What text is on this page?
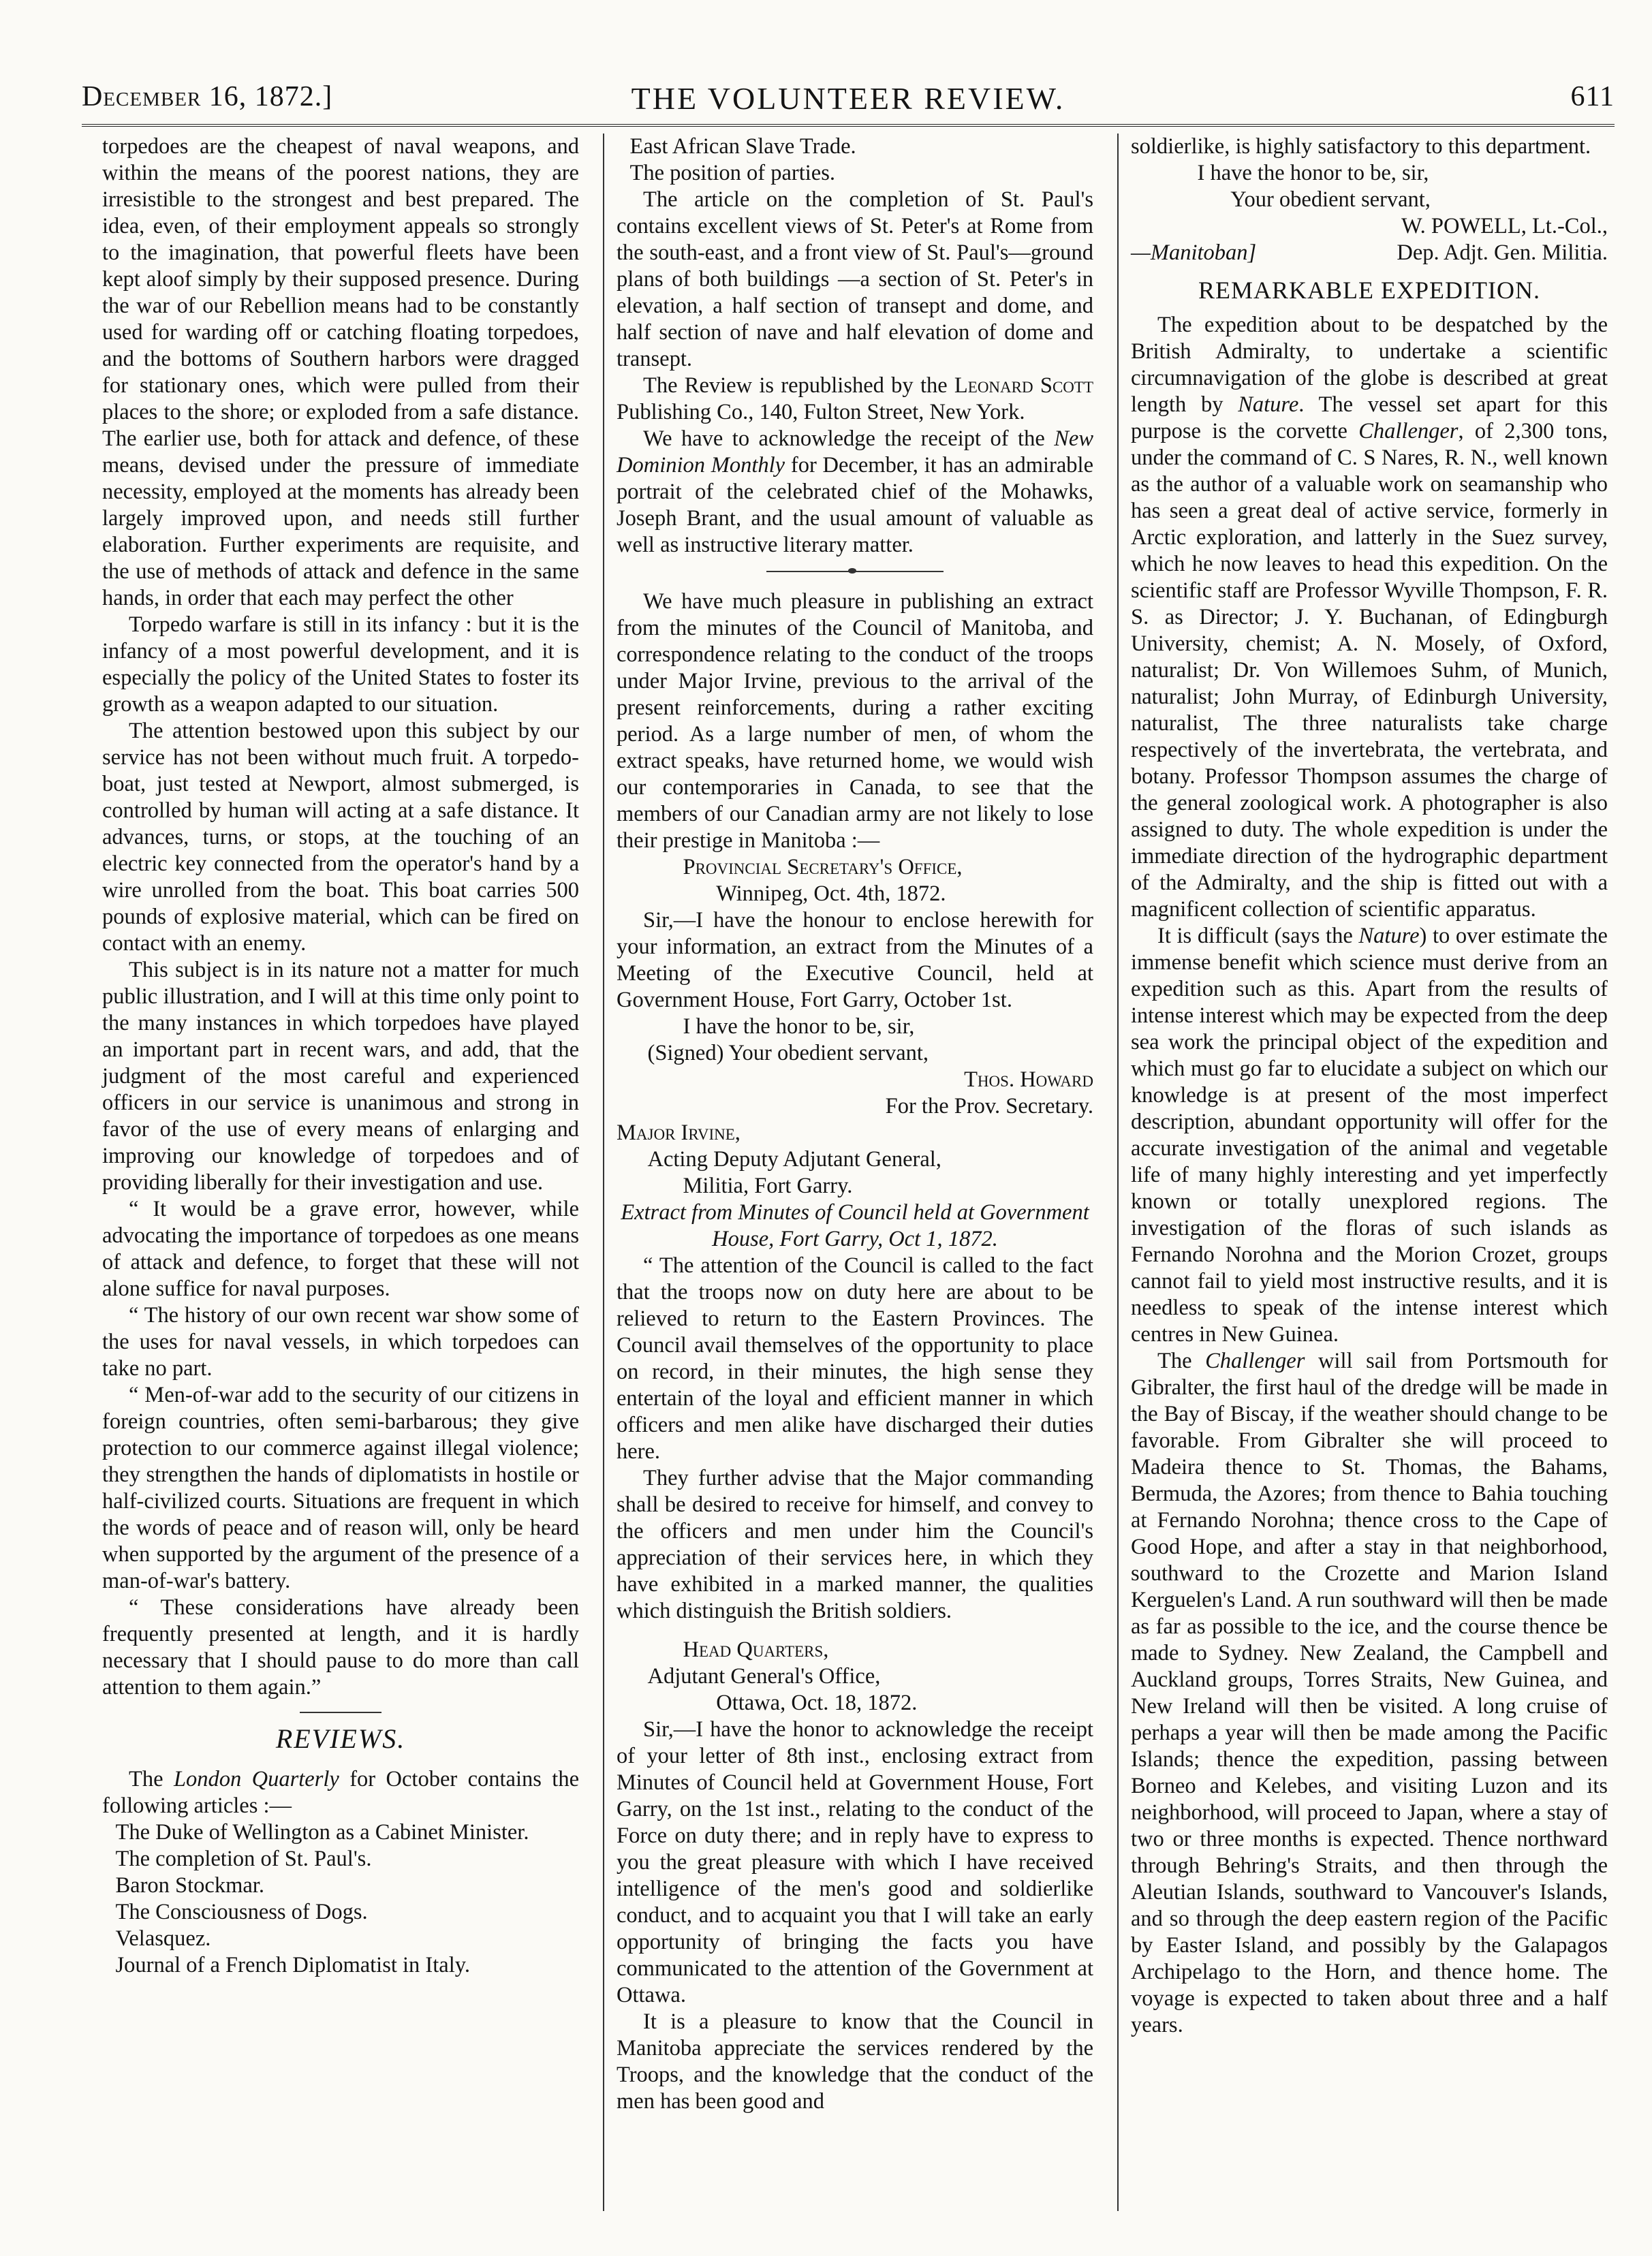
December 16, 1872.]	THE VOLUNTEER REVIEW.	611

torpedoes are the cheapest of naval weapons, and within the means of the poorest nations, they are irresistible to the strongest and best prepared. The idea, even, of their employment appeals so strongly to the imagination, that powerful fleets have been kept aloof simply by their supposed presence. During the war of our Rebellion means had to be constantly used for warding off or catching floating torpedoes, and the bottoms of Southern harbors were dragged for stationary ones, which were pulled from their places to the shore; or exploded from a safe distance. The earlier use, both for attack and defence, of these means, devised under the pressure of immediate necessity, employed at the moments has already been largely improved upon, and needs still further elaboration. Further experiments are requisite, and the use of methods of attack and defence in the same hands, in order that each may perfect the other

Torpedo warfare is still in its infancy : but it is the infancy of a most powerful development, and it is especially the policy of the United States to foster its growth as a weapon adapted to our situation.

The attention bestowed upon this subject by our service has not been without much fruit. A torpedo-boat, just tested at Newport, almost submerged, is controlled by human will acting at a safe distance. It advances, turns, or stops, at the touching of an electric key connected from the operator's hand by a wire unrolled from the boat. This boat carries 500 pounds of explosive material, which can be fired on contact with an enemy.

This subject is in its nature not a matter for much public illustration, and I will at this time only point to the many instances in which torpedoes have played an important part in recent wars, and add, that the judgment of the most careful and experienced officers in our service is unanimous and strong in favor of the use of every means of enlarging and improving our knowledge of torpedoes and of providing liberally for their investigation and use.

“ It would be a grave error, however, while advocating the importance of torpedoes as one means of attack and defence, to forget that these will not alone suffice for naval purposes.

“ The history of our own recent war show some of the uses for naval vessels, in which torpedoes can take no part.

“ Men-of-war add to the security of our citizens in foreign countries, often semi-barbarous; they give protection to our commerce against illegal violence; they strengthen the hands of diplomatists in hostile or half-civilized courts. Situations are frequent in which the words of peace and of reason will, only be heard when supported by the argument of the presence of a man-of-war's battery.

“ These considerations have already been frequently presented at length, and it is hardly necessary that I should pause to do more than call attention to them again.”

REVIEWS.

The London Quarterly for October contains the following articles :—

The Duke of Wellington as a Cabinet Minister.

The completion of St. Paul's.

Baron Stockmar.

The Consciousness of Dogs.

Velasquez.

Journal of a French Diplomatist in Italy.

East African Slave Trade.

The position of parties.

The article on the completion of St. Paul's contains excellent views of St. Peter's at Rome from the south-east, and a front view of St. Paul's—ground plans of both buildings —a section of St. Peter's in elevation, a half section of transept and dome, and half section of nave and half elevation of dome and transept.

The Review is republished by the Leonard Scott Publishing Co., 140, Fulton Street, New York.

We have to acknowledge the receipt of the New Dominion Monthly for December, it has an admirable portrait of the celebrated chief of the Mohawks, Joseph Brant, and the usual amount of valuable as well as instructive literary matter.

We have much pleasure in publishing an extract from the minutes of the Council of Manitoba, and correspondence relating to the conduct of the troops under Major Irvine, previous to the arrival of the present reinforcements, during a rather exciting period. As a large number of men, of whom the extract speaks, have returned home, we would wish our contemporaries in Canada, to see that the members of our Canadian army are not likely to lose their prestige in Manitoba :—

Provincial Secretary's Office,

Winnipeg, Oct. 4th, 1872.

Sir,—I have the honour to enclose herewith for your information, an extract from the Minutes of a Meeting of the Executive Council, held at Government House, Fort Garry, October 1st.

I have the honor to be, sir,

(Signed) Your obedient servant,

Thos. Howard

For the Prov. Secretary.

Major Irvine,

Acting Deputy Adjutant General,

Militia, Fort Garry.

Extract from Minutes of Council held at Government House, Fort Garry, Oct 1, 1872.

“ The attention of the Council is called to the fact that the troops now on duty here are about to be relieved to return to the Eastern Provinces. The Council avail themselves of the opportunity to place on record, in their minutes, the high sense they entertain of the loyal and efficient manner in which officers and men alike have discharged their duties here.

They further advise that the Major commanding shall be desired to receive for himself, and convey to the officers and men under him the Council's appreciation of their services here, in which they have exhibited in a marked manner, the qualities which distinguish the British soldiers.

Head Quarters,

Adjutant General's Office,

Ottawa, Oct. 18, 1872.

Sir,—I have the honor to acknowledge the receipt of your letter of 8th inst., enclosing extract from Minutes of Council held at Government House, Fort Garry, on the 1st inst., relating to the conduct of the Force on duty there; and in reply have to express to you the great pleasure with which I have received intelligence of the men's good and soldierlike conduct, and to acquaint you that I will take an early opportunity of bringing the facts you have communicated to the attention of the Government at Ottawa.

It is a pleasure to know that the Council in Manitoba appreciate the services rendered by the Troops, and the knowledge that the conduct of the men has been good and

soldierlike, is highly satisfactory to this department.

I have the honor to be, sir,

Your obedient servant,

W. POWELL, Lt.-Col.,

—Manitoban]	Dep. Adjt. Gen. Militia.

REMARKABLE EXPEDITION.

The expedition about to be despatched by the British Admiralty, to undertake a scientific circumnavigation of the globe is described at great length by Nature. The vessel set apart for this purpose is the corvette Challenger, of 2,300 tons, under the command of C. S Nares, R. N., well known as the author of a valuable work on seamanship who has seen a great deal of active service, formerly in Arctic exploration, and latterly in the Suez survey, which he now leaves to head this expedition. On the scientific staff are Professor Wyville Thompson, F. R. S. as Director; J. Y. Buchanan, of Edingburgh University, chemist; A. N. Mosely, of Oxford, naturalist; Dr. Von Willemoes Suhm, of Munich, naturalist; John Murray, of Edinburgh University, naturalist, The three naturalists take charge respectively of the invertebrata, the vertebrata, and botany. Professor Thompson assumes the charge of the general zoological work. A photographer is also assigned to duty. The whole expedition is under the immediate direction of the hydrographic department of the Admiralty, and the ship is fitted out with a magnificent collection of scientific apparatus.

It is difficult (says the Nature) to over estimate the immense benefit which science must derive from an expedition such as this. Apart from the results of intense interest which may be expected from the deep sea work the principal object of the expedition and which must go far to elucidate a subject on which our knowledge is at present of the most imperfect description, abundant opportunity will offer for the accurate investigation of the animal and vegetable life of many highly interesting and yet imperfectly known or totally unexplored regions. The investigation of the floras of such islands as Fernando Norohna and the Morion Crozet, groups cannot fail to yield most instructive results, and it is needless to speak of the intense interest which centres in New Guinea.

The Challenger will sail from Portsmouth for Gibralter, the first haul of the dredge will be made in the Bay of Biscay, if the weather should change to be favorable. From Gibralter she will proceed to Madeira thence to St. Thomas, the Bahams, Bermuda, the Azores; from thence to Bahia touching at Fernando Norohna; thence cross to the Cape of Good Hope, and after a stay in that neighborhood, southward to the Crozette and Marion Island Kerguelen's Land. A run southward will then be made as far as possible to the ice, and the course thence be made to Sydney. New Zealand, the Campbell and Auckland groups, Torres Straits, New Guinea, and New Ireland will then be visited. A long cruise of perhaps a year will then be made among the Pacific Islands; thence the expedition, passing between Borneo and Kelebes, and visiting Luzon and its neighborhood, will proceed to Japan, where a stay of two or three months is expected. Thence northward through Behring's Straits, and then through the Aleutian Islands, southward to Vancouver's Islands, and so through the deep eastern region of the Pacific by Easter Island, and possibly by the Galapagos Archipelago to the Horn, and thence home. The voyage is expected to taken about three and a half years.
